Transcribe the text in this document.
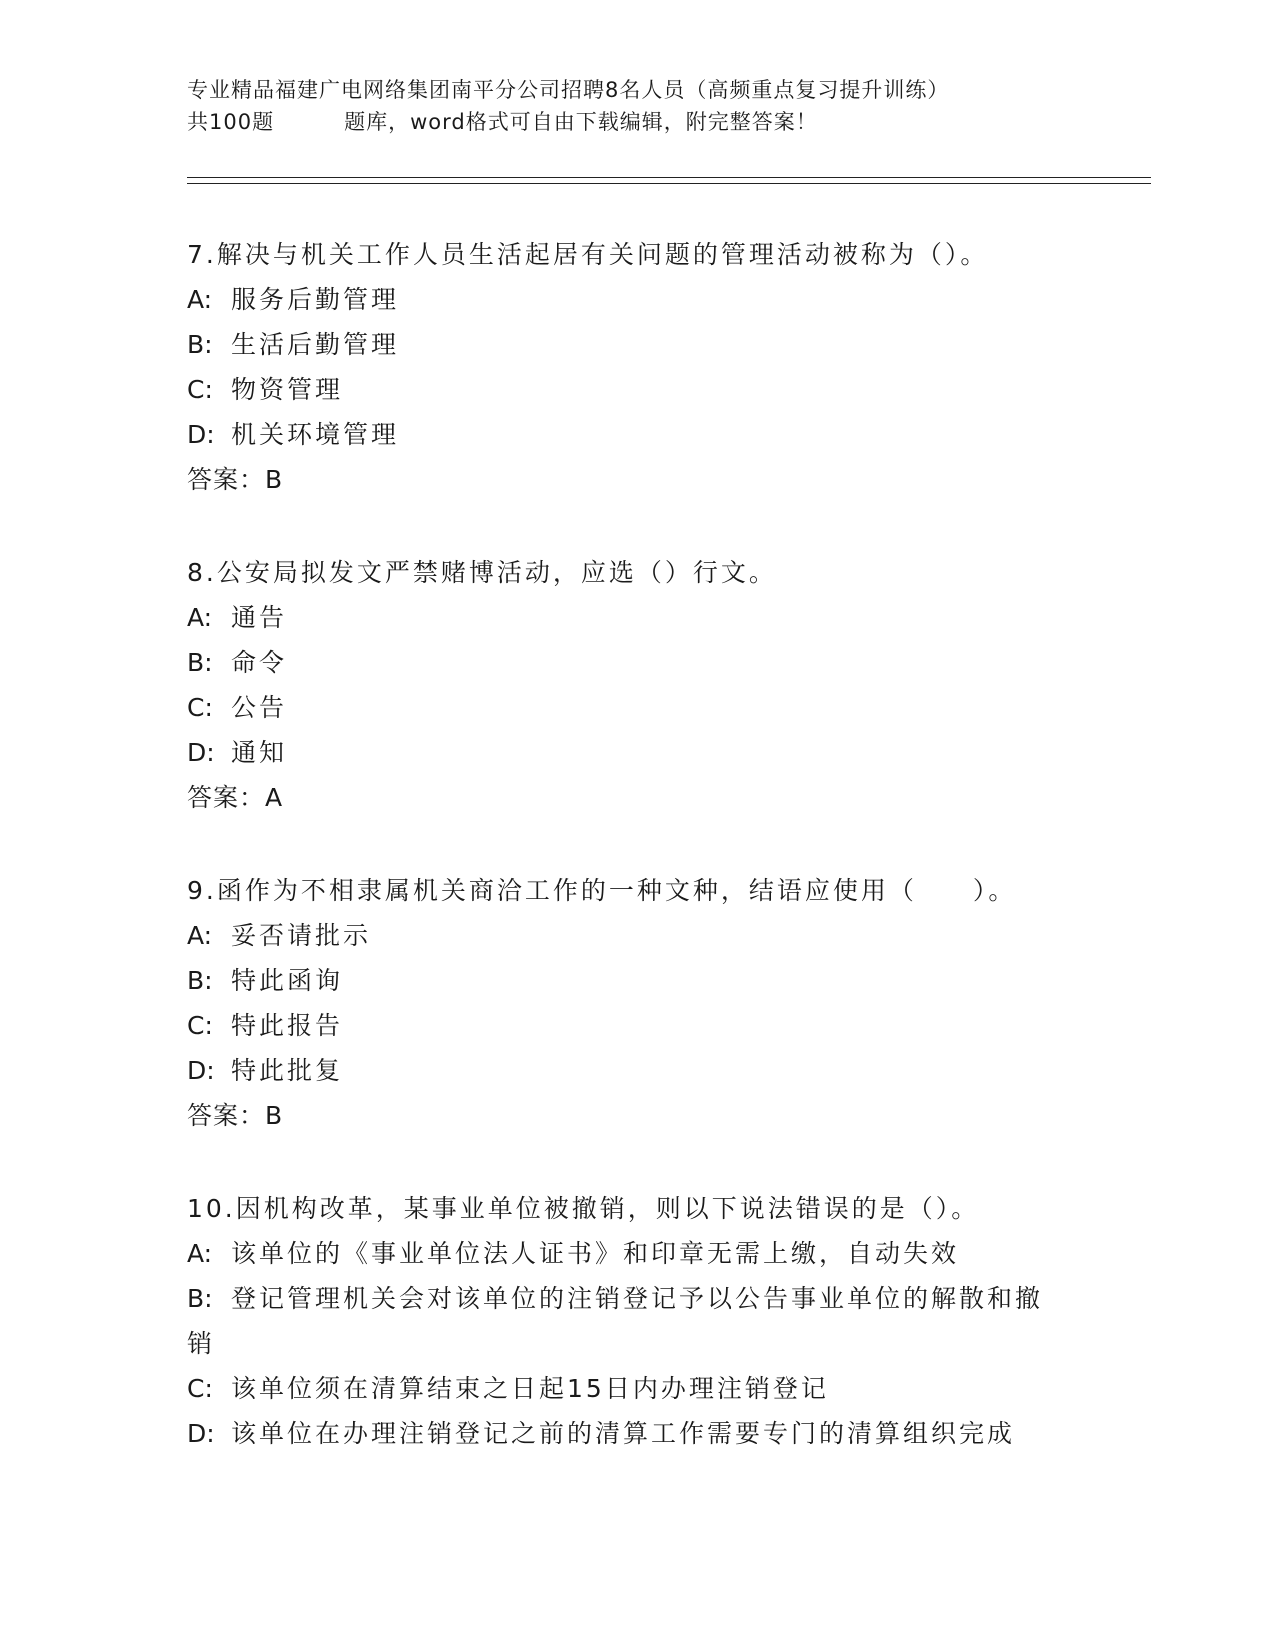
专业精品福建广电网络集团南平分公司招聘8名人员（高频重点复习提升训练）
共100题	题库，word格式可自由下载编辑，附完整答案！
7.解决与机关工作人员生活起居有关问题的管理活动被称为（）。
A: 服务后勤管理
B: 生活后勤管理
C: 物资管理
D: 机关环境管理
答案：B
8.公安局拟发文严禁赌博活动，应选（）行文。
A: 通告
B: 命令
C: 公告
D: 通知
答案：A
9.函作为不相隶属机关商洽工作的一种文种，结语应使用（　　）。
A: 妥否请批示
B: 特此函询
C: 特此报告
D: 特此批复
答案：B
10.因机构改革，某事业单位被撤销，则以下说法错误的是（）。
A: 该单位的《事业单位法人证书》和印章无需上缴，自动失效
B: 登记管理机关会对该单位的注销登记予以公告事业单位的解散和撤销
C: 该单位须在清算结束之日起15日内办理注销登记
D: 该单位在办理注销登记之前的清算工作需要专门的清算组织完成
